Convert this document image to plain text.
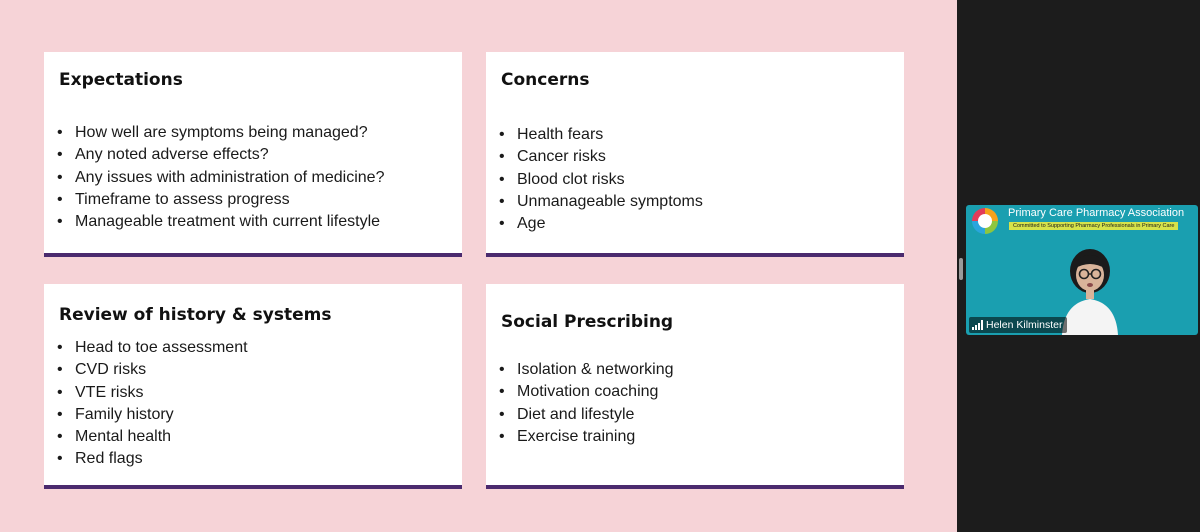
Expectations
• How well are symptoms being managed?
• Any noted adverse effects?
• Any issues with administration of medicine?
• Timeframe to assess progress
• Manageable treatment with current lifestyle
Concerns
• Health fears
• Cancer risks
• Blood clot risks
• Unmanageable symptoms
• Age
Review of history & systems
• Head to toe assessment
• CVD risks
• VTE risks
• Family history
• Mental health
• Red flags
Social Prescribing
• Isolation & networking
• Motivation coaching
• Diet and lifestyle
• Exercise training
Primary Care Pharmacy Association
Committed to Supporting Pharmacy Professionals in Primary Care
Helen Kilminster
